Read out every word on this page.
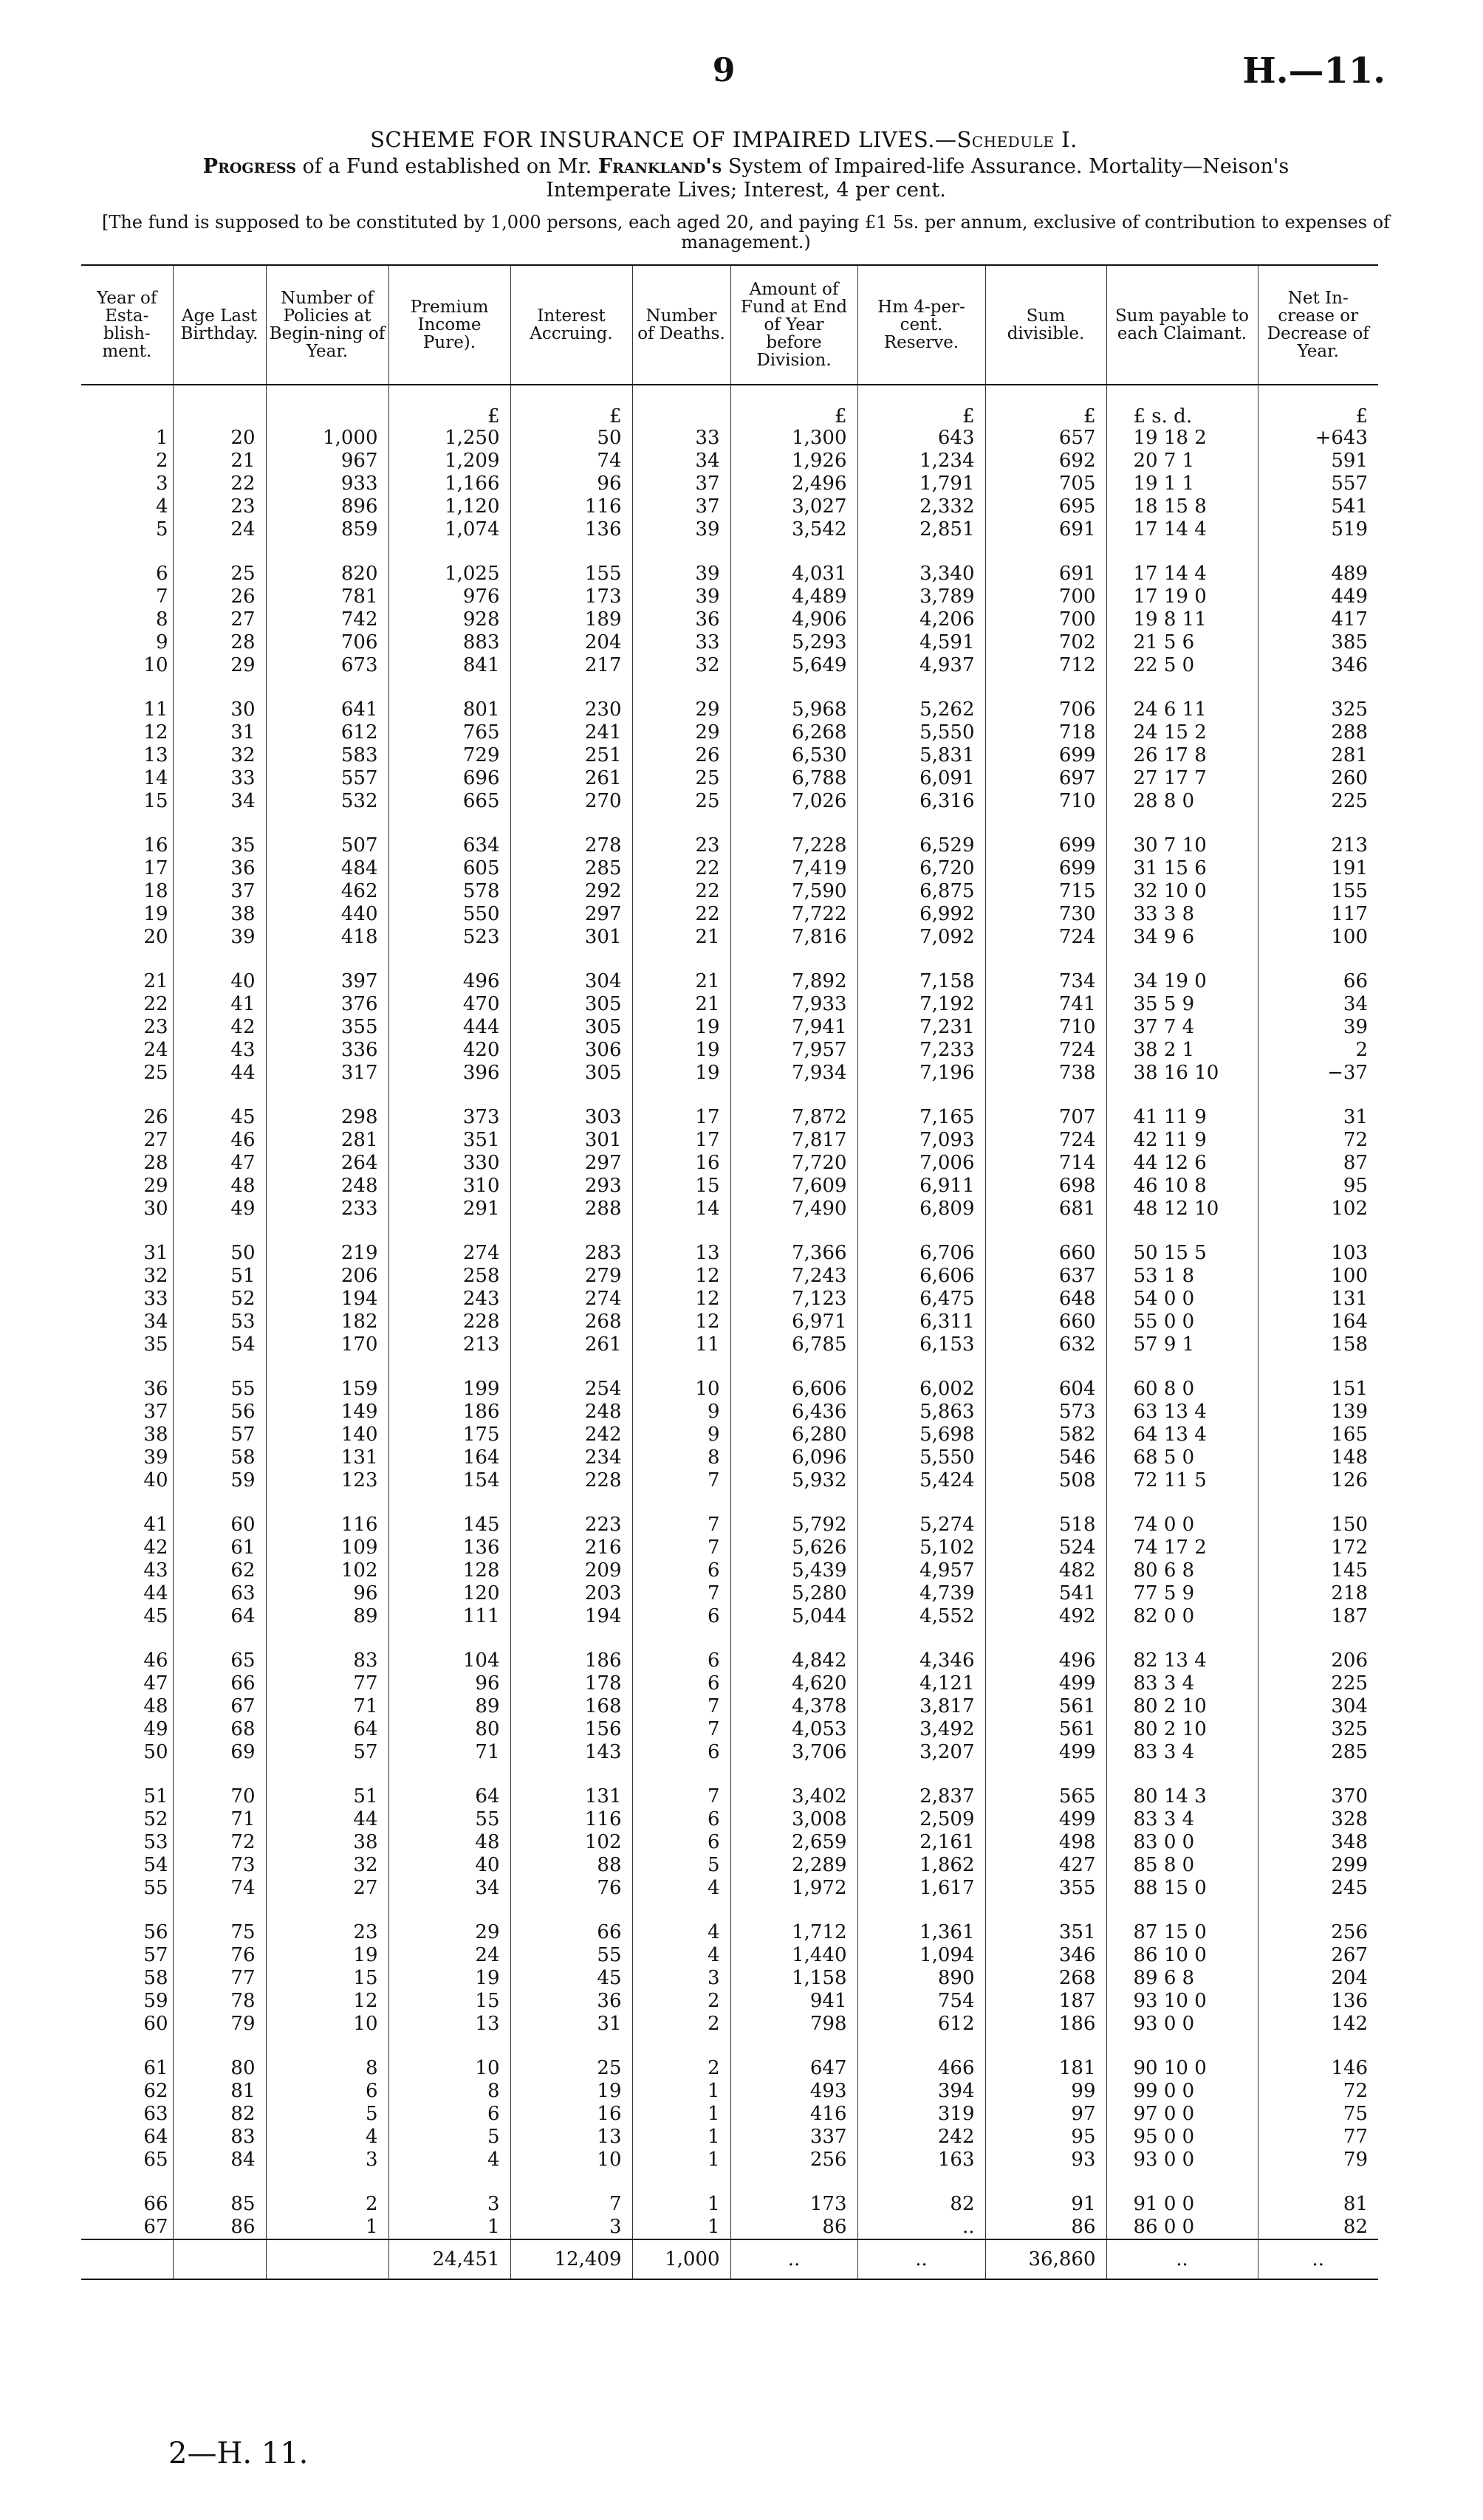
9	H.—11.
SCHEME FOR INSURANCE OF IMPAIRED LIVES.—Schedule I.
Progress of a Fund established on Mr. Frankland's System of Impaired-life Assurance. Mortality—Neison's
Intemperate Lives; Interest, 4 per cent.
[The fund is supposed to be constituted by 1,000 persons, each aged 20, and paying £1 5s. per annum, exclusive of contribution to expenses of management.)
Year of Esta-blish-ment.	Age Last Birthday.	Number of Policies at Begin-ning of Year.	Premium Income Pure).	Interest Accruing.	Number of Deaths.	Amount of Fund at End of Year before Division.	Hm 4-per-cent. Reserve.	Sum divisible.	Sum payable to each Claimant.	Net In-crease or Decrease of Year.
			£	£		£	£	£	£ s. d.	£
1	20	1,000	1,250	50	33	1,300	643	657	19 18 2	+643
2	21	967	1,209	74	34	1,926	1,234	692	20 7 1	591
3	22	933	1,166	96	37	2,496	1,791	705	19 1 1	557
4	23	896	1,120	116	37	3,027	2,332	695	18 15 8	541
5	24	859	1,074	136	39	3,542	2,851	691	17 14 4	519

6	25	820	1,025	155	39	4,031	3,340	691	17 14 4	489
7	26	781	976	173	39	4,489	3,789	700	17 19 0	449
8	27	742	928	189	36	4,906	4,206	700	19 8 11	417
9	28	706	883	204	33	5,293	4,591	702	21 5 6	385
10	29	673	841	217	32	5,649	4,937	712	22 5 0	346

11	30	641	801	230	29	5,968	5,262	706	24 6 11	325
12	31	612	765	241	29	6,268	5,550	718	24 15 2	288
13	32	583	729	251	26	6,530	5,831	699	26 17 8	281
14	33	557	696	261	25	6,788	6,091	697	27 17 7	260
15	34	532	665	270	25	7,026	6,316	710	28 8 0	225

16	35	507	634	278	23	7,228	6,529	699	30 7 10	213
17	36	484	605	285	22	7,419	6,720	699	31 15 6	191
18	37	462	578	292	22	7,590	6,875	715	32 10 0	155
19	38	440	550	297	22	7,722	6,992	730	33 3 8	117
20	39	418	523	301	21	7,816	7,092	724	34 9 6	100

21	40	397	496	304	21	7,892	7,158	734	34 19 0	66
22	41	376	470	305	21	7,933	7,192	741	35 5 9	34
23	42	355	444	305	19	7,941	7,231	710	37 7 4	39
24	43	336	420	306	19	7,957	7,233	724	38 2 1	2
25	44	317	396	305	19	7,934	7,196	738	38 16 10	−37

26	45	298	373	303	17	7,872	7,165	707	41 11 9	31
27	46	281	351	301	17	7,817	7,093	724	42 11 9	72
28	47	264	330	297	16	7,720	7,006	714	44 12 6	87
29	48	248	310	293	15	7,609	6,911	698	46 10 8	95
30	49	233	291	288	14	7,490	6,809	681	48 12 10	102

31	50	219	274	283	13	7,366	6,706	660	50 15 5	103
32	51	206	258	279	12	7,243	6,606	637	53 1 8	100
33	52	194	243	274	12	7,123	6,475	648	54 0 0	131
34	53	182	228	268	12	6,971	6,311	660	55 0 0	164
35	54	170	213	261	11	6,785	6,153	632	57 9 1	158

36	55	159	199	254	10	6,606	6,002	604	60 8 0	151
37	56	149	186	248	9	6,436	5,863	573	63 13 4	139
38	57	140	175	242	9	6,280	5,698	582	64 13 4	165
39	58	131	164	234	8	6,096	5,550	546	68 5 0	148
40	59	123	154	228	7	5,932	5,424	508	72 11 5	126

41	60	116	145	223	7	5,792	5,274	518	74 0 0	150
42	61	109	136	216	7	5,626	5,102	524	74 17 2	172
43	62	102	128	209	6	5,439	4,957	482	80 6 8	145
44	63	96	120	203	7	5,280	4,739	541	77 5 9	218
45	64	89	111	194	6	5,044	4,552	492	82 0 0	187

46	65	83	104	186	6	4,842	4,346	496	82 13 4	206
47	66	77	96	178	6	4,620	4,121	499	83 3 4	225
48	67	71	89	168	7	4,378	3,817	561	80 2 10	304
49	68	64	80	156	7	4,053	3,492	561	80 2 10	325
50	69	57	71	143	6	3,706	3,207	499	83 3 4	285

51	70	51	64	131	7	3,402	2,837	565	80 14 3	370
52	71	44	55	116	6	3,008	2,509	499	83 3 4	328
53	72	38	48	102	6	2,659	2,161	498	83 0 0	348
54	73	32	40	88	5	2,289	1,862	427	85 8 0	299
55	74	27	34	76	4	1,972	1,617	355	88 15 0	245

56	75	23	29	66	4	1,712	1,361	351	87 15 0	256
57	76	19	24	55	4	1,440	1,094	346	86 10 0	267
58	77	15	19	45	3	1,158	890	268	89 6 8	204
59	78	12	15	36	2	941	754	187	93 10 0	136
60	79	10	13	31	2	798	612	186	93 0 0	142

61	80	8	10	25	2	647	466	181	90 10 0	146
62	81	6	8	19	1	493	394	99	99 0 0	72
63	82	5	6	16	1	416	319	97	97 0 0	75
64	83	4	5	13	1	337	242	95	95 0 0	77
65	84	3	4	10	1	256	163	93	93 0 0	79

66	85	2	3	7	1	173	82	91	91 0 0	81
67	86	1	1	3	1	86	..	86	86 0 0	82
			24,451	12,409	1,000	..	..	36,860	..	..
2—H. 11.
